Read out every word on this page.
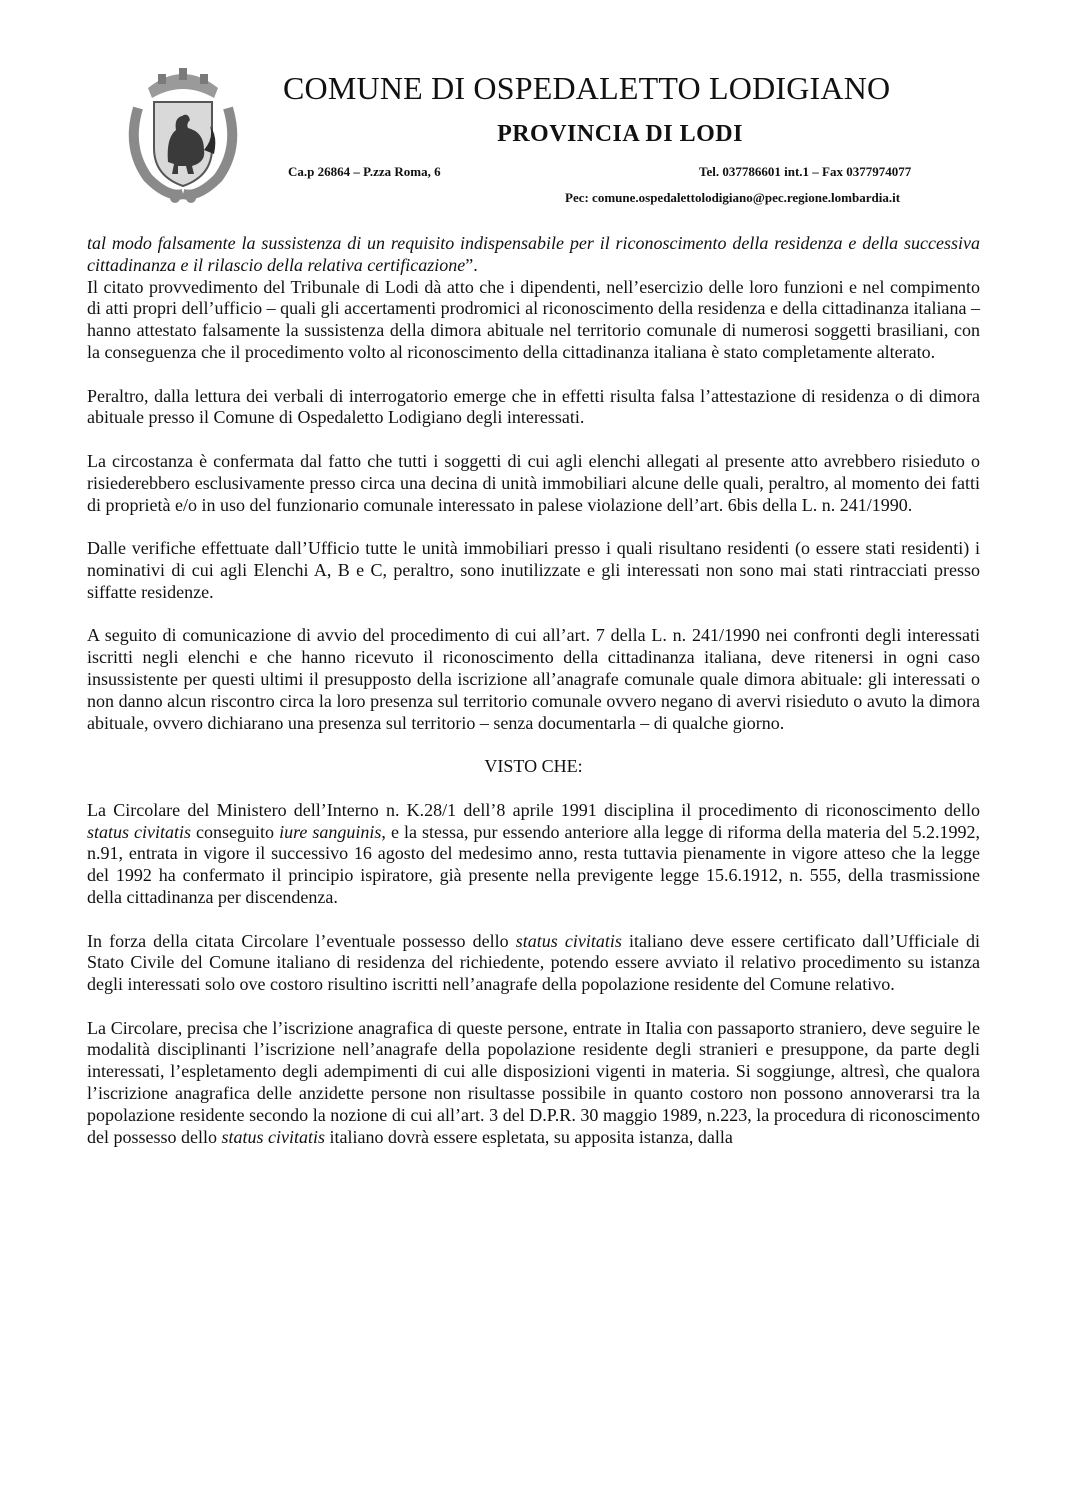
COMUNE DI OSPEDALETTO LODIGIANO
PROVINCIA DI LODI
Ca.p 26864 – P.zza Roma, 6	Tel. 037786601 int.1 – Fax 0377974077
Pec: comune.ospedalettolodigiano@pec.regione.lombardia.it

tal modo falsamente la sussistenza di un requisito indispensabile per il riconoscimento della residenza e della successiva cittadinanza e il rilascio della relativa certificazione”.

Il citato provvedimento del Tribunale di Lodi dà atto che i dipendenti, nell’esercizio delle loro funzioni e nel compimento di atti propri dell’ufficio – quali gli accertamenti prodromici al riconoscimento della residenza e della cittadinanza italiana – hanno attestato falsamente la sussistenza della dimora abituale nel territorio comunale di numerosi soggetti brasiliani, con la conseguenza che il procedimento volto al riconoscimento della cittadinanza italiana è stato completamente alterato.

Peraltro, dalla lettura dei verbali di interrogatorio emerge che in effetti risulta falsa l’attestazione di residenza o di dimora abituale presso il Comune di Ospedaletto Lodigiano degli interessati.

La circostanza è confermata dal fatto che tutti i soggetti di cui agli elenchi allegati al presente atto avrebbero risieduto o risiederebbero esclusivamente presso circa una decina di unità immobiliari alcune delle quali, peraltro, al momento dei fatti di proprietà e/o in uso del funzionario comunale interessato in palese violazione dell’art. 6bis della L. n. 241/1990.

Dalle verifiche effettuate dall’Ufficio tutte le unità immobiliari presso i quali risultano residenti (o essere stati residenti) i nominativi di cui agli Elenchi A, B e C, peraltro, sono inutilizzate e gli interessati non sono mai stati rintracciati presso siffatte residenze.

A seguito di comunicazione di avvio del procedimento di cui all’art. 7 della L. n. 241/1990 nei confronti degli interessati iscritti negli elenchi e che hanno ricevuto il riconoscimento della cittadinanza italiana, deve ritenersi in ogni caso insussistente per questi ultimi il presupposto della iscrizione all’anagrafe comunale quale dimora abituale: gli interessati o non danno alcun riscontro circa la loro presenza sul territorio comunale ovvero negano di avervi risieduto o avuto la dimora abituale, ovvero dichiarano una presenza sul territorio – senza documentarla – di qualche giorno.

VISTO CHE:

La Circolare del Ministero dell’Interno n. K.28/1 dell’8 aprile 1991 disciplina il procedimento di riconoscimento dello status civitatis conseguito iure sanguinis, e la stessa, pur essendo anteriore alla legge di riforma della materia del 5.2.1992, n.91, entrata in vigore il successivo 16 agosto del medesimo anno, resta tuttavia pienamente in vigore atteso che la legge del 1992 ha confermato il principio ispiratore, già presente nella previgente legge 15.6.1912, n. 555, della trasmissione della cittadinanza per discendenza.

In forza della citata Circolare l’eventuale possesso dello status civitatis italiano deve essere certificato dall’Ufficiale di Stato Civile del Comune italiano di residenza del richiedente, potendo essere avviato il relativo procedimento su istanza degli interessati solo ove costoro risultino iscritti nell’anagrafe della popolazione residente del Comune relativo.

La Circolare, precisa che l’iscrizione anagrafica di queste persone, entrate in Italia con passaporto straniero, deve seguire le modalità disciplinanti l’iscrizione nell’anagrafe della popolazione residente degli stranieri e presuppone, da parte degli interessati, l’espletamento degli adempimenti di cui alle disposizioni vigenti in materia. Si soggiunge, altresì, che qualora l’iscrizione anagrafica delle anzidette persone non risultasse possibile in quanto costoro non possono annoverarsi tra la popolazione residente secondo la nozione di cui all’art. 3 del D.P.R. 30 maggio 1989, n.223, la procedura di riconoscimento del possesso dello status civitatis italiano dovrà essere espletata, su apposita istanza, dalla
